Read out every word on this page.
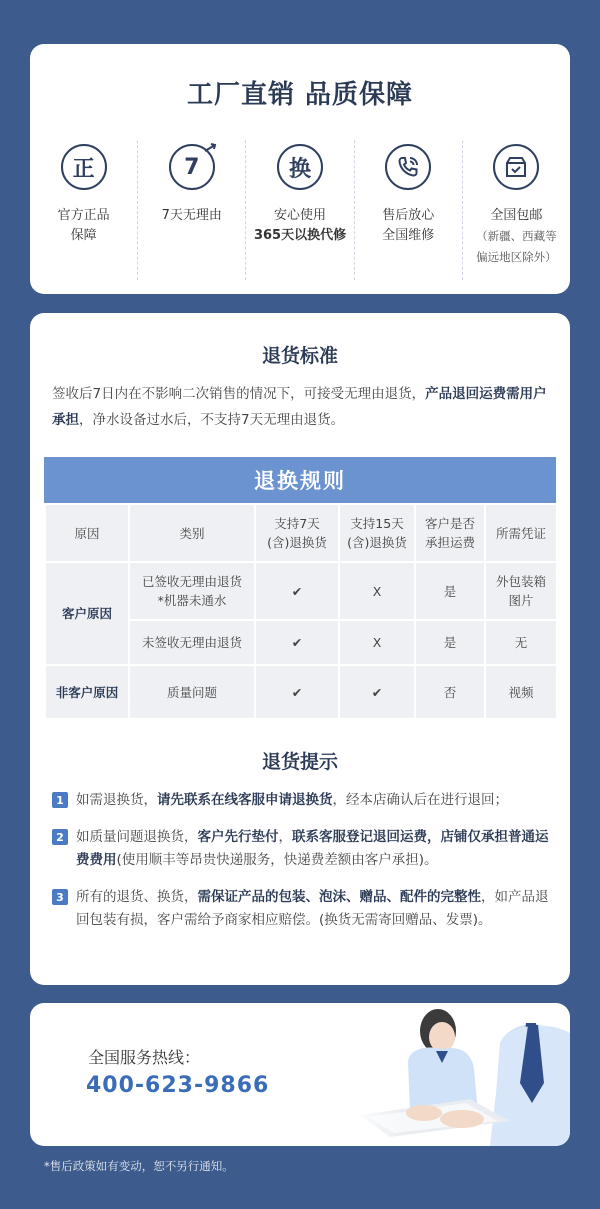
工厂直销 品质保障
正
官方正品
保障
7
7天无理由
换
安心使用
365天以换代修
售后放心
全国维修
全国包邮
（新疆、西藏等
偏远地区除外）
退货标准
签收后7日内在不影响二次销售的情况下，可接受无理由退货，产品退回运费需用户承担，净水设备过水后，不支持7天无理由退货。
退换规则
原因	类别	支持7天
(含)退换货	支持15天
(含)退换货	客户是否
承担运费	所需凭证
客户原因	已签收无理由退货
*机器未通水	✔	X	是	外包装箱
图片
	未签收无理由退货	✔	X	是	无
非客户原因	质量问题	✔	✔	否	视频
退货提示
1 如需退换货，请先联系在线客服申请退换货，经本店确认后在进行退回；
2 如质量问题退换货，客户先行垫付，联系客服登记退回运费，店铺仅承担普通运费费用(使用顺丰等昂贵快递服务，快递费差额由客户承担)。
3 所有的退货、换货，需保证产品的包装、泡沫、赠品、配件的完整性，如产品退回包装有损，客户需给予商家相应赔偿。(换货无需寄回赠品、发票)。
全国服务热线：
400-623-9866
*售后政策如有变动，恕不另行通知。
